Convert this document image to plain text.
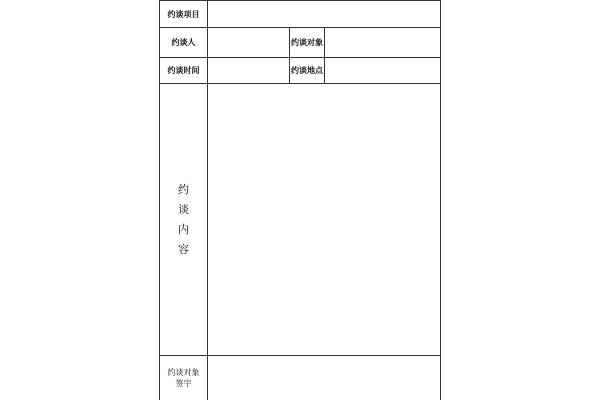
约谈项目
约谈人	约谈对象
约谈时间	约谈地点
约
谈
内
容
约谈对象
签字
